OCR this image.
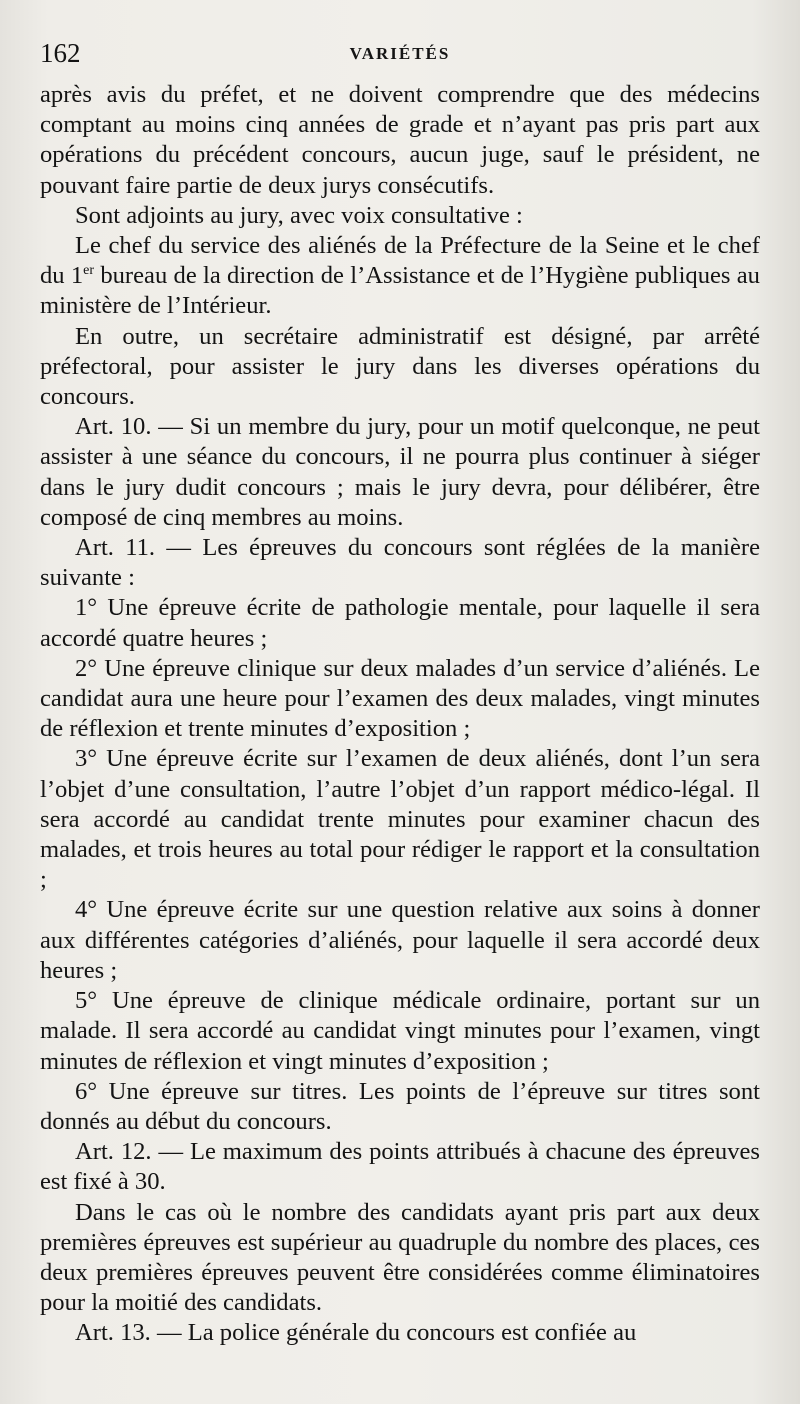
162	VARIÉTÉS

après avis du préfet, et ne doivent comprendre que des médecins comptant au moins cinq années de grade et n’ayant pas pris part aux opérations du précédent concours, aucun juge, sauf le président, ne pouvant faire partie de deux jurys consécutifs.

Sont adjoints au jury, avec voix consultative :

Le chef du service des aliénés de la Préfecture de la Seine et le chef du 1er bureau de la direction de l’Assistance et de l’Hygiène publiques au ministère de l’Intérieur.

En outre, un secrétaire administratif est désigné, par arrêté préfectoral, pour assister le jury dans les diverses opérations du concours.

Art. 10. — Si un membre du jury, pour un motif quelconque, ne peut assister à une séance du concours, il ne pourra plus continuer à siéger dans le jury dudit concours ; mais le jury devra, pour délibérer, être composé de cinq membres au moins.

Art. 11. — Les épreuves du concours sont réglées de la manière suivante :

1° Une épreuve écrite de pathologie mentale, pour laquelle il sera accordé quatre heures ;

2° Une épreuve clinique sur deux malades d’un service d’aliénés. Le candidat aura une heure pour l’examen des deux malades, vingt minutes de réflexion et trente minutes d’exposition ;

3° Une épreuve écrite sur l’examen de deux aliénés, dont l’un sera l’objet d’une consultation, l’autre l’objet d’un rapport médico-légal. Il sera accordé au candidat trente minutes pour examiner chacun des malades, et trois heures au total pour rédiger le rapport et la consultation ;

4° Une épreuve écrite sur une question relative aux soins à donner aux différentes catégories d’aliénés, pour laquelle il sera accordé deux heures ;

5° Une épreuve de clinique médicale ordinaire, portant sur un malade. Il sera accordé au candidat vingt minutes pour l’examen, vingt minutes de réflexion et vingt minutes d’exposition ;

6° Une épreuve sur titres. Les points de l’épreuve sur titres sont donnés au début du concours.

Art. 12. — Le maximum des points attribués à chacune des épreuves est fixé à 30.

Dans le cas où le nombre des candidats ayant pris part aux deux premières épreuves est supérieur au quadruple du nombre des places, ces deux premières épreuves peuvent être considérées comme éliminatoires pour la moitié des candidats.

Art. 13. — La police générale du concours est confiée au
